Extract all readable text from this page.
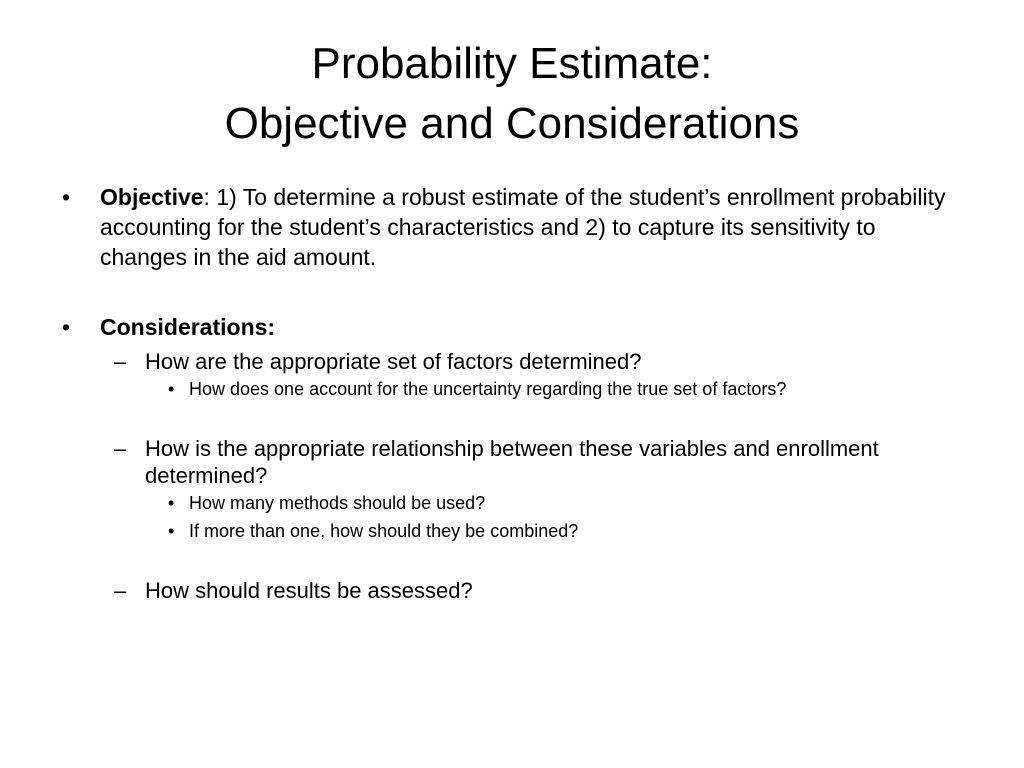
Probability Estimate:
Objective and Considerations
• Objective: 1) To determine a robust estimate of the student’s enrollment probability accounting for the student’s characteristics and 2) to capture its sensitivity to changes in the aid amount.
• Considerations:
– How are the appropriate set of factors determined?
• How does one account for the uncertainty regarding the true set of factors?
– How is the appropriate relationship between these variables and enrollment determined?
• How many methods should be used?
• If more than one, how should they be combined?
– How should results be assessed?
